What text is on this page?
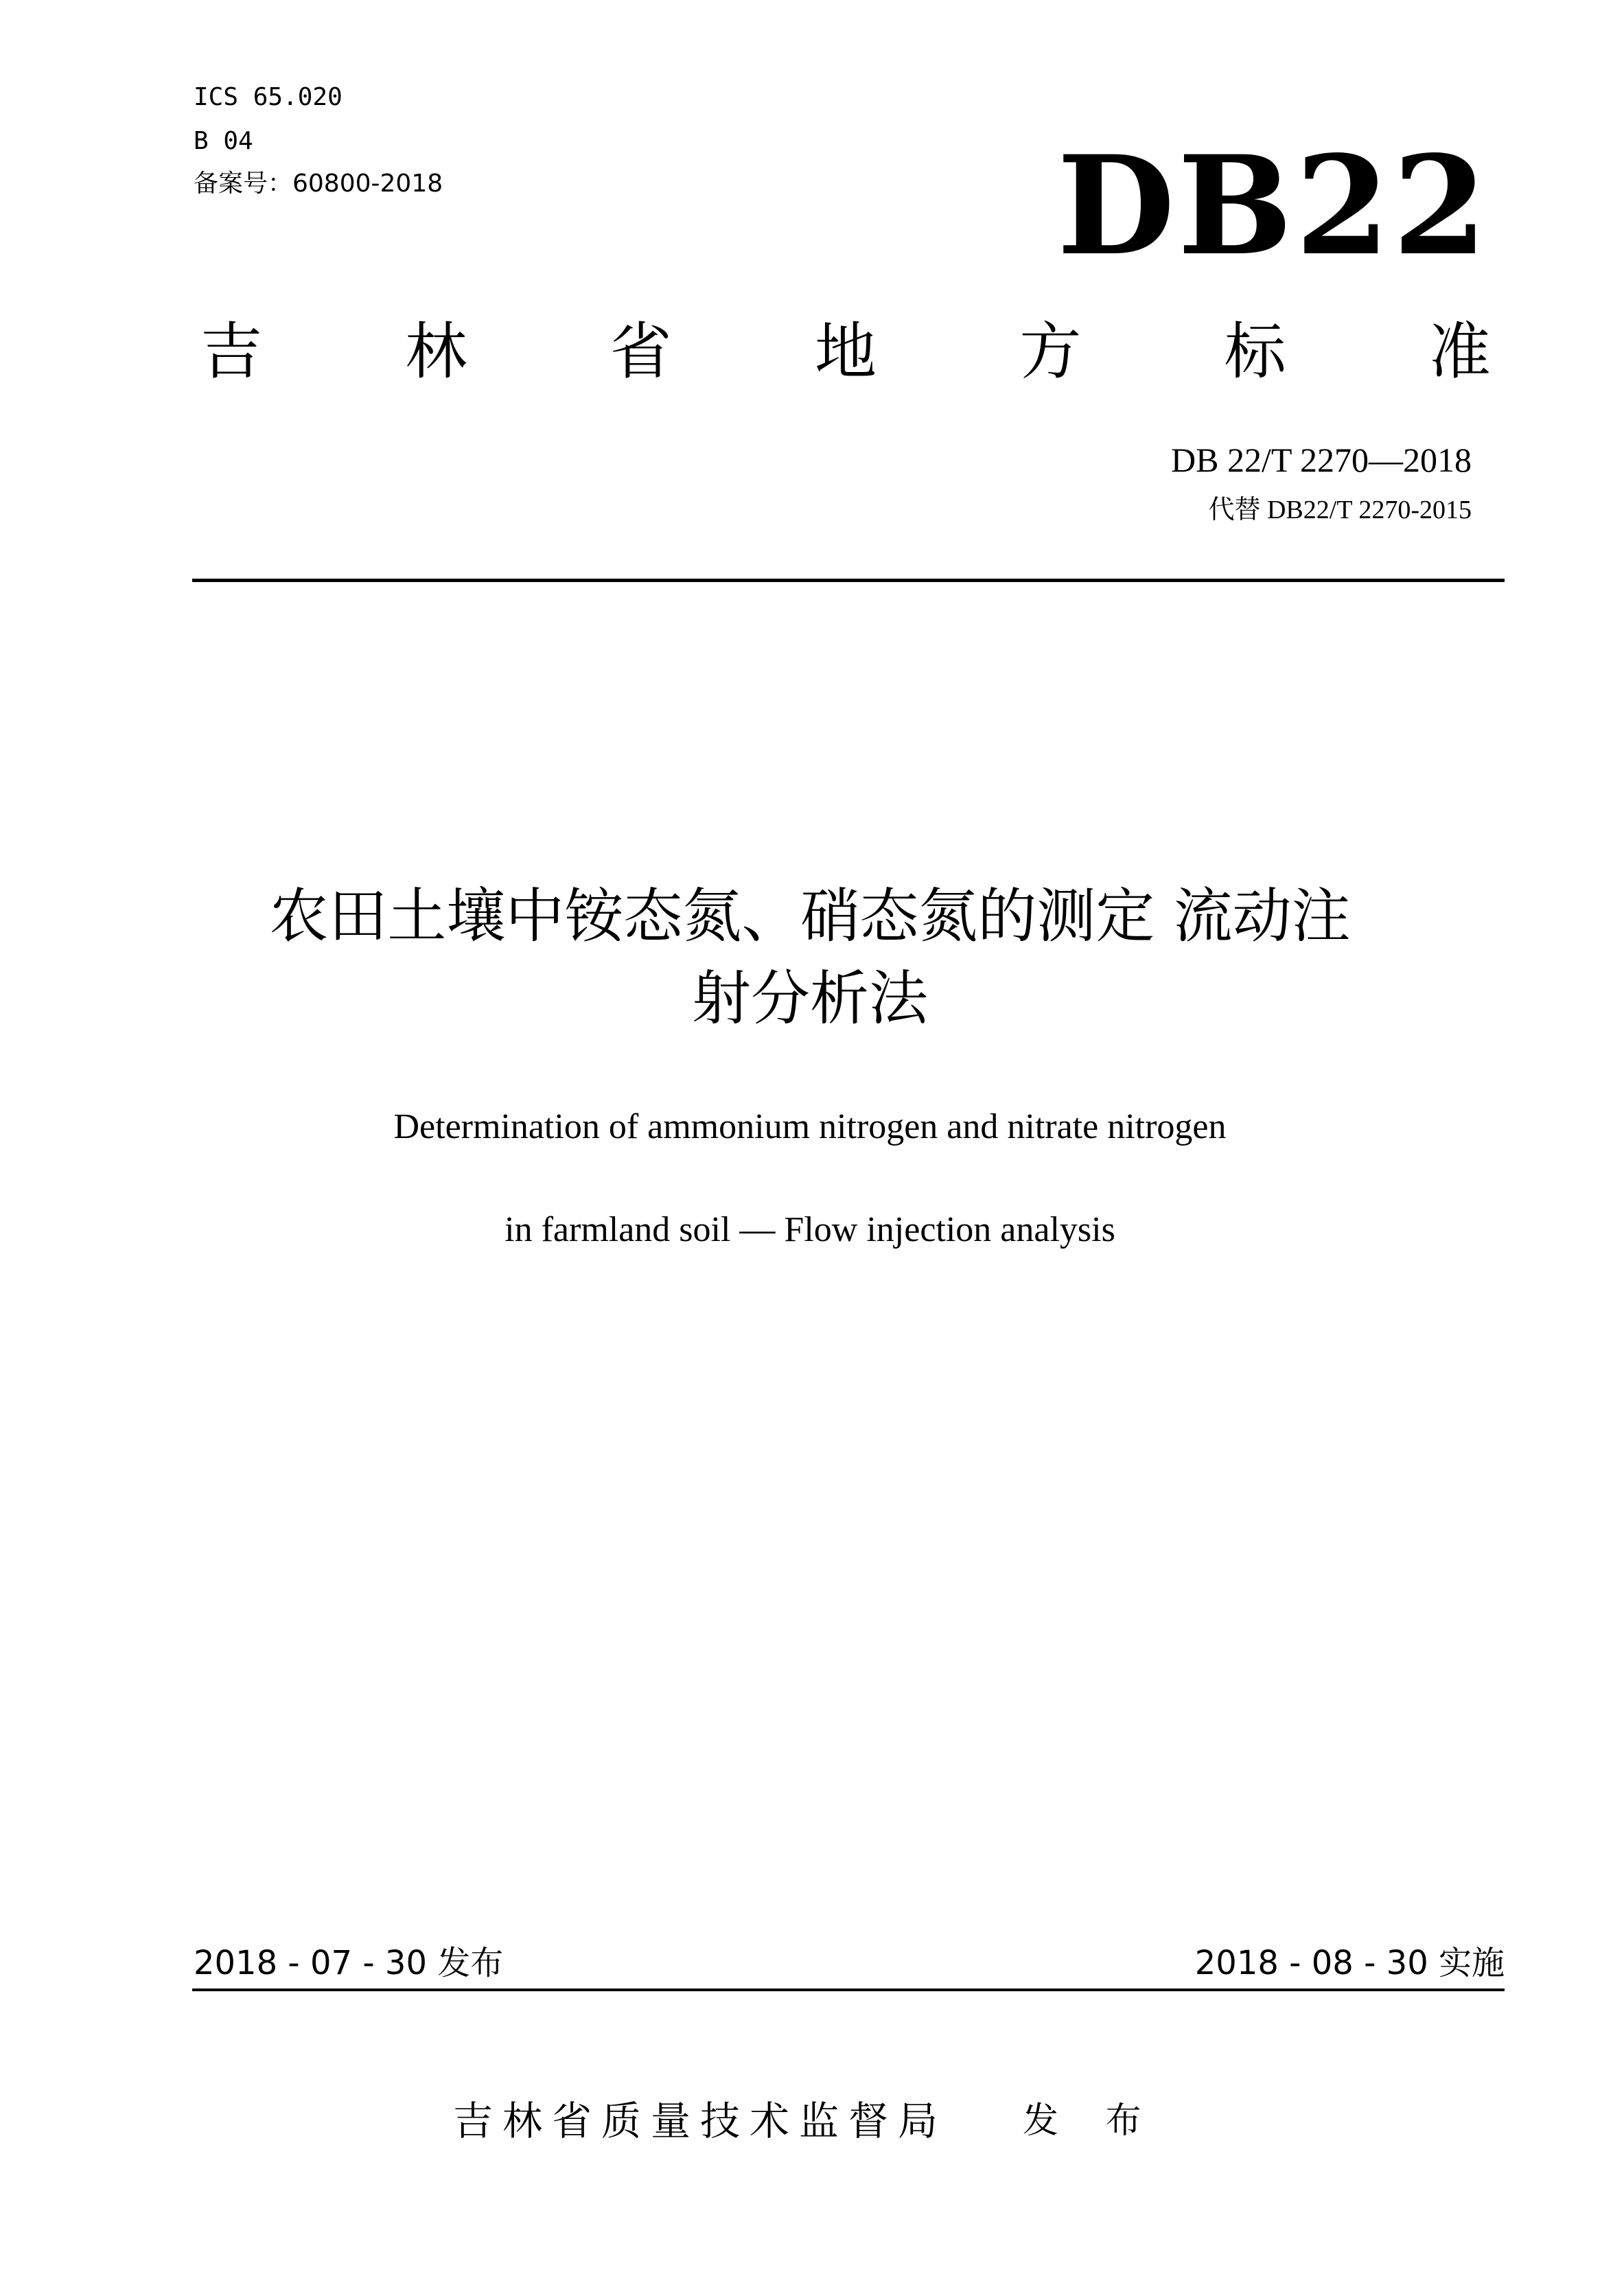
ICS 65.020
B 04
备案号：60800-2018	DB22
吉 林 省 地 方 标 准
DB 22/T 2270—2018
代替 DB22/T 2270-2015
农田土壤中铵态氮、硝态氮的测定 流动注
射分析法
Determination of ammonium nitrogen and nitrate nitrogen
in farmland soil — Flow injection analysis
2018 - 07 - 30 发布	2018 - 08 - 30 实施
吉林省质量技术监督局 发 布
